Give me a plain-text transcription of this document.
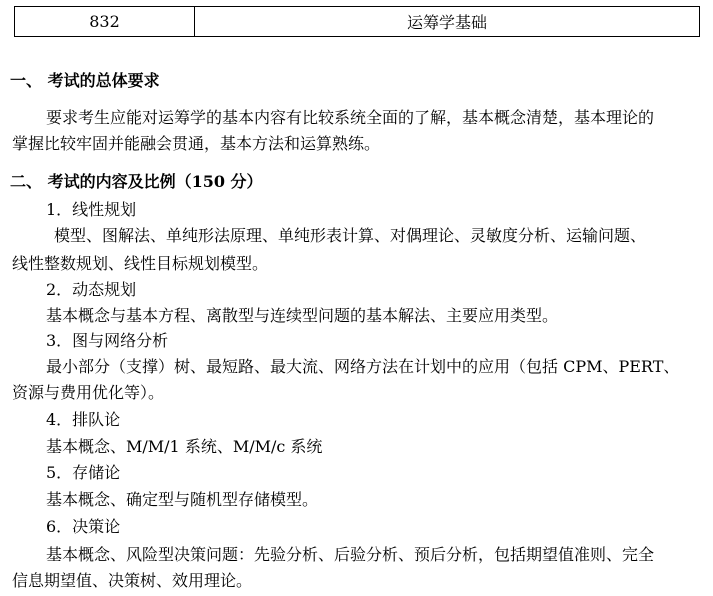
832	运筹学基础
一、 考试的总体要求
要求考生应能对运筹学的基本内容有比较系统全面的了解，基本概念清楚，基本理论的
掌握比较牢固并能融会贯通，基本方法和运算熟练。
二、 考试的内容及比例（150 分）
1．线性规划
模型、图解法、单纯形法原理、单纯形表计算、对偶理论、灵敏度分析、运输问题、
线性整数规划、线性目标规划模型。
2．动态规划
基本概念与基本方程、离散型与连续型问题的基本解法、主要应用类型。
3．图与网络分析
最小部分（支撑）树、最短路、最大流、网络方法在计划中的应用（包括 CPM、PERT、
资源与费用优化等）。
4．排队论
基本概念、M/M/1 系统、M/M/c 系统
5．存储论
基本概念、确定型与随机型存储模型。
6．决策论
基本概念、风险型决策问题：先验分析、后验分析、预后分析，包括期望值准则、完全
信息期望值、决策树、效用理论。
